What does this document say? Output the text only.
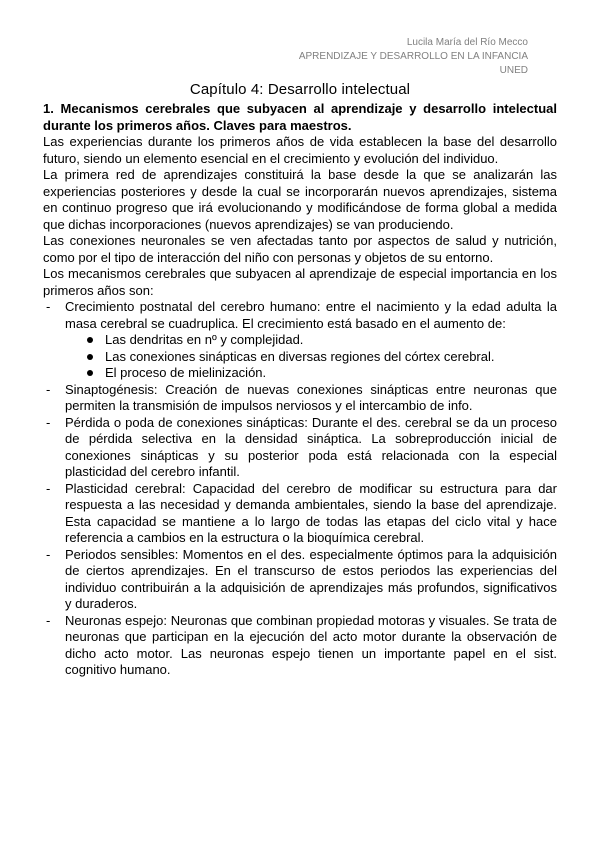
Lucila María del Río Mecco
APRENDIZAJE Y DESARROLLO EN LA INFANCIA
UNED
Capítulo 4: Desarrollo intelectual
1. Mecanismos cerebrales que subyacen al aprendizaje y desarrollo intelectual durante los primeros años. Claves para maestros.

Las experiencias durante los primeros años de vida establecen la base del desarrollo futuro, siendo un elemento esencial en el crecimiento y evolución del individuo.

La primera red de aprendizajes constituirá la base desde la que se analizarán las experiencias posteriores y desde la cual se incorporarán nuevos aprendizajes, sistema en continuo progreso que irá evolucionando y modificándose de forma global a medida que dichas incorporaciones (nuevos aprendizajes) se van produciendo.

Las conexiones neuronales se ven afectadas tanto por aspectos de salud y nutrición, como por el tipo de interacción del niño con personas y objetos de su entorno.

Los mecanismos cerebrales que subyacen al aprendizaje de especial importancia en los primeros años son:

- Crecimiento postnatal del cerebro humano: entre el nacimiento y la edad adulta la masa cerebral se cuadruplica. El crecimiento está basado en el aumento de:
Las dendritas en nº y complejidad.
Las conexiones sinápticas en diversas regiones del córtex cerebral.
El proceso de mielinización.
- Sinaptogénesis: Creación de nuevas conexiones sinápticas entre neuronas que permiten la transmisión de impulsos nerviosos y el intercambio de info.
- Pérdida o poda de conexiones sinápticas: Durante el des. cerebral se da un proceso de pérdida selectiva en la densidad sináptica. La sobreproducción inicial de conexiones sinápticas y su posterior poda está relacionada con la especial plasticidad del cerebro infantil.
- Plasticidad cerebral: Capacidad del cerebro de modificar su estructura para dar respuesta a las necesidad y demanda ambientales, siendo la base del aprendizaje. Esta capacidad se mantiene a lo largo de todas las etapas del ciclo vital y hace referencia a cambios en la estructura o la bioquímica cerebral.
- Periodos sensibles: Momentos en el des. especialmente óptimos para la adquisición de ciertos aprendizajes. En el transcurso de estos periodos las experiencias del individuo contribuirán a la adquisición de aprendizajes más profundos, significativos y duraderos.
- Neuronas espejo: Neuronas que combinan propiedad motoras y visuales. Se trata de neuronas que participan en la ejecución del acto motor durante la observación de dicho acto motor. Las neuronas espejo tienen un importante papel en el sist. cognitivo humano.
